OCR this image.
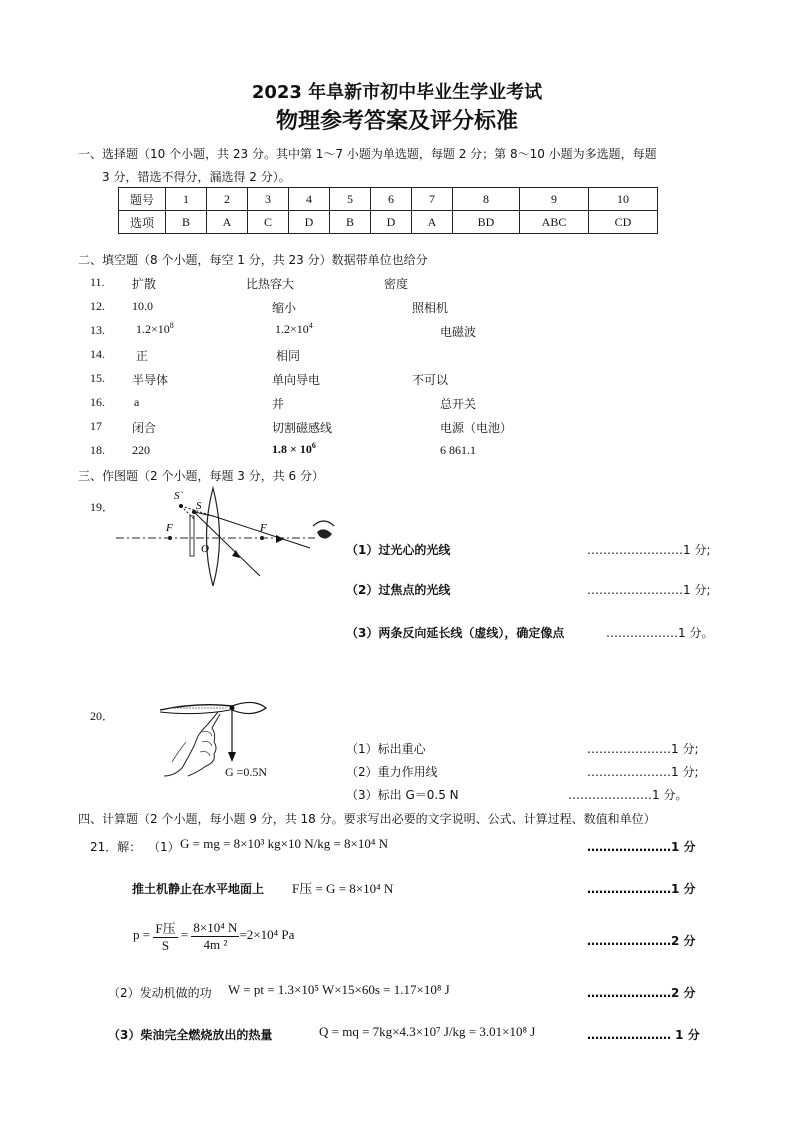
2023 年阜新市初中毕业生学业考试
物理参考答案及评分标准
一、选择题（10 个小题，共 23 分。其中第 1～7 小题为单选题，每题 2 分；第 8～10 小题为多选题，每题
3 分，错选不得分，漏选得 2 分）。
题号	1	2	3	4	5	6	7	8	9	10
选项	B	A	C	D	B	D	A	BD	ABC	CD
二、填空题（8 个小题，每空 1 分，共 23 分）数据带单位也给分
11. 扩散	比热容大	密度
12. 10.0	缩小	照相机
13.	$1.2\times 10^8$	$1.2\times 10^4$	电磁波
14.	正	相同
15. 半导体	单向导电	不可以
16. a	并	总开关
17	闭合	切割磁感线	电源（电池）
18. 220	$1.8 \times 10^6$	6 861.1
三、作图题（2 个小题，每题 3 分，共 6 分）
19．
S`
S
F
O
F
（1）过光心的光线	……………………1 分;
（2）过焦点的光线	……………………1 分;
（3）两条反向延长线（虚线），确定像点	………………1 分。
20．
G =0.5N
（1）标出重心	…………………1 分;
（2）重力作用线	…………………1 分;
（3）标出 G＝0.5 N	…………………1 分。
四、计算题（2 个小题，每小题 9 分，共 18 分。要求写出必要的文字说明、公式、计算过程、数值和单位）
21．解： （1） G = mg = 8×10³ kg×10 N/kg = 8×10⁴ N	…………………1 分
推土机静止在水平地面上 F压 = G = 8×10⁴ N	…………………1 分
$p = \frac{\text{F压}}{S} = \frac{\text{8×10⁴ N}}{\text{4m ²}} =2\times 10^4$ Pa	…………………2 分
（2）发动机做的功 W = pt = 1.3×10⁵ W×15×60s = 1.17×10⁸ J	…………………2 分
（3）柴油完全燃烧放出的热量	Q = mq = 7kg×4.3×10⁷ J/kg = 3.01×10⁸ J	………………… 1 分
